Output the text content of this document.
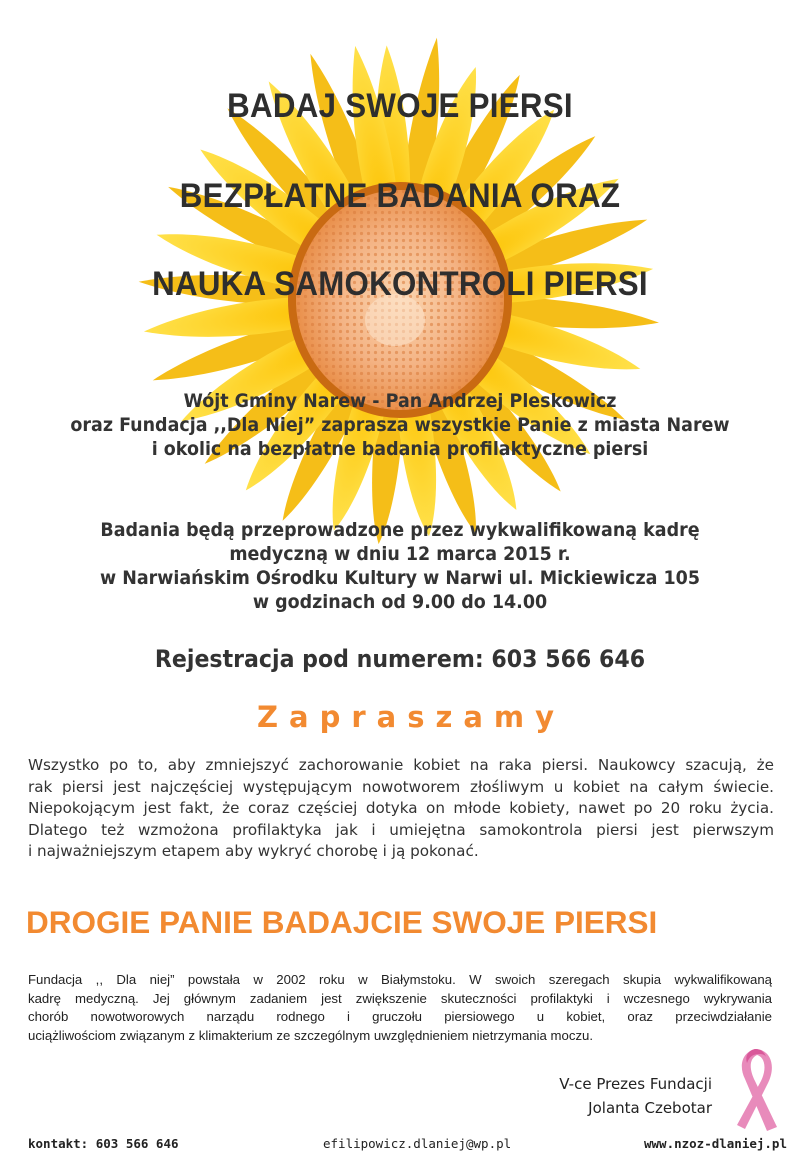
BADAJ SWOJE PIERSI
BEZPŁATNE BADANIA ORAZ
NAUKA SAMOKONTROLI PIERSI
Wójt Gminy Narew - Pan Andrzej Pleskowicz
oraz Fundacja ,,Dla Niej” zaprasza wszystkie Panie z miasta Narew
i okolic na bezpłatne badania profilaktyczne piersi
Badania będą przeprowadzone przez wykwalifikowaną kadrę
medyczną w dniu 12 marca 2015 r.
w Narwiańskim Ośrodku Kultury w Narwi ul. Mickiewicza 105
w godzinach od 9.00 do 14.00
Rejestracja pod numerem: 603 566 646
Zapraszamy
Wszystko po to, aby zmniejszyć zachorowanie kobiet na raka piersi. Naukowcy szacują, że
rak piersi jest najczęściej występującym nowotworem złośliwym u kobiet na całym świecie.
Niepokojącym jest fakt, że coraz częściej dotyka on młode kobiety, nawet po 20 roku życia.
Dlatego też wzmożona profilaktyka jak i umiejętna samokontrola piersi jest pierwszym
i najważniejszym etapem aby wykryć chorobę i ją pokonać.
DROGIE PANIE BADAJCIE SWOJE PIERSI
Fundacja ,, Dla niej” powstała w 2002 roku w Białymstoku. W swoich szeregach skupia wykwalifikowaną
kadrę medyczną. Jej głównym zadaniem jest zwiększenie skuteczności profilaktyki i wczesnego wykrywania
chorób nowotworowych narządu rodnego i gruczołu piersiowego u kobiet, oraz przeciwdziałanie
uciążliwościom związanym z klimakterium ze szczególnym uwzględnieniem nietrzymania moczu.
V-ce Prezes Fundacji
Jolanta Czebotar
kontakt: 603 566 646	efilipowicz.dlaniej@wp.pl	www.nzoz-dlaniej.pl
